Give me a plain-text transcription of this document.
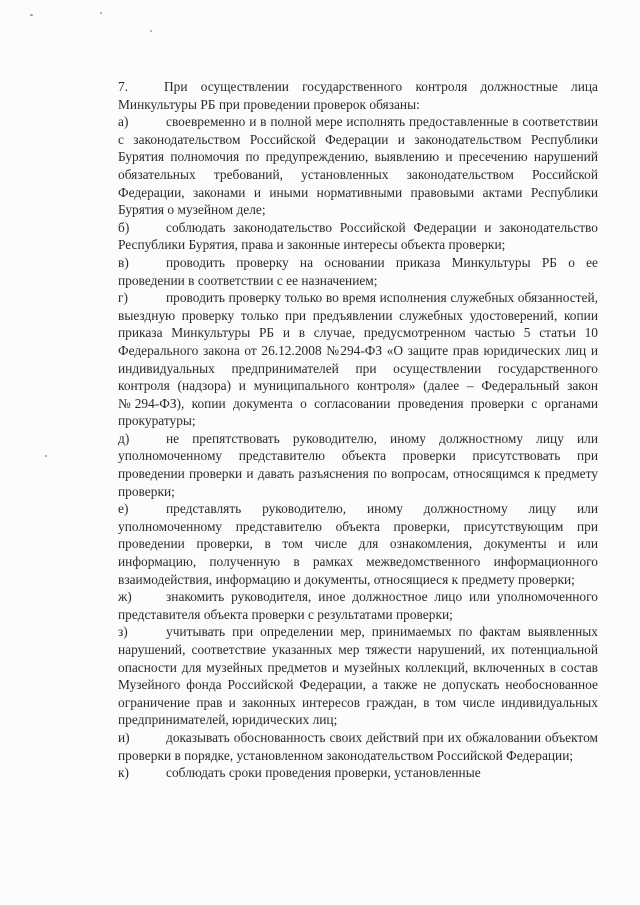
7.	При осуществлении государственного контроля должностные лица Минкультуры РБ при проведении проверок обязаны:

а)	своевременно и в полной мере исполнять предоставленные в соответствии с законодательством Российской Федерации и законодательством Республики Бурятия полномочия по предупреждению, выявлению и пресечению нарушений обязательных требований, установленных законодательством Российской Федерации, законами и иными нормативными правовыми актами Республики Бурятия о музейном деле;

б)	соблюдать законодательство Российской Федерации и законодательство Республики Бурятия, права и законные интересы объекта проверки;

в)	проводить проверку на основании приказа Минкультуры РБ о ее проведении в соответствии с ее назначением;

г)	проводить проверку только во время исполнения служебных обязанностей, выездную проверку только при предъявлении служебных удостоверений, копии приказа Минкультуры РБ и в случае, предусмотренном частью 5 статьи 10 Федерального закона от 26.12.2008 №294-ФЗ «О защите прав юридических лиц и индивидуальных предпринимателей при осуществлении государственного контроля (надзора) и муниципального контроля» (далее – Федеральный закон №294-ФЗ), копии документа о согласовании проведения проверки с органами прокуратуры;

д)	не препятствовать руководителю, иному должностному лицу или уполномоченному представителю объекта проверки присутствовать при проведении проверки и давать разъяснения по вопросам, относящимся к предмету проверки;

е)	представлять руководителю, иному должностному лицу или уполномоченному представителю объекта проверки, присутствующим при проведении проверки, в том числе для ознакомления, документы и или информацию, полученную в рамках межведомственного информационного взаимодействия, информацию и документы, относящиеся к предмету проверки;

ж)	знакомить руководителя, иное должностное лицо или уполномоченного представителя объекта проверки с результатами проверки;

з)	учитывать при определении мер, принимаемых по фактам выявленных нарушений, соответствие указанных мер тяжести нарушений, их потенциальной опасности для музейных предметов и музейных коллекций, включенных в состав Музейного фонда Российской Федерации, а также не допускать необоснованное ограничение прав и законных интересов граждан, в том числе индивидуальных предпринимателей, юридических лиц;

и)	доказывать обоснованность своих действий при их обжаловании объектом проверки в порядке, установленном законодательством Российской Федерации;

к)	соблюдать сроки проведения проверки, установленные
